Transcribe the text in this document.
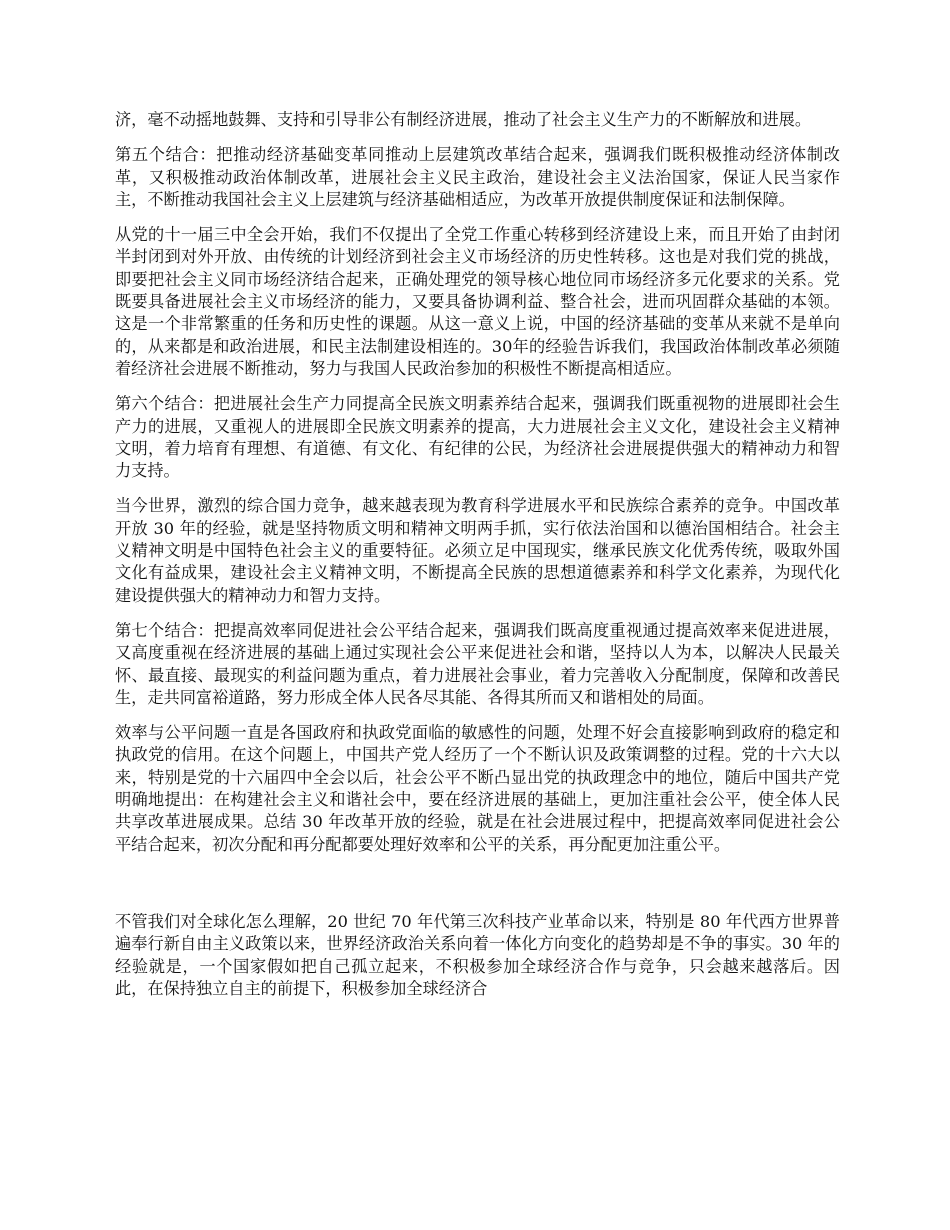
济，毫不动摇地鼓舞、支持和引导非公有制经济进展，推动了社会主义生产力的不断解放和进展。

第五个结合：把推动经济基础变革同推动上层建筑改革结合起来，强调我们既积极推动经济体制改革，又积极推动政治体制改革，进展社会主义民主政治，建设社会主义法治国家，保证人民当家作主，不断推动我国社会主义上层建筑与经济基础相适应，为改革开放提供制度保证和法制保障。

从党的十一届三中全会开始，我们不仅提出了全党工作重心转移到经济建设上来，而且开始了由封闭半封闭到对外开放、由传统的计划经济到社会主义市场经济的历史性转移。这也是对我们党的挑战，即要把社会主义同市场经济结合起来，正确处理党的领导核心地位同市场经济多元化要求的关系。党既要具备进展社会主义市场经济的能力，又要具备协调利益、整合社会，进而巩固群众基础的本领。这是一个非常繁重的任务和历史性的课题。从这一意义上说，中国的经济基础的变革从来就不是单向的，从来都是和政治进展，和民主法制建设相连的。30年的经验告诉我们，我国政治体制改革必须随着经济社会进展不断推动，努力与我国人民政治参加的积极性不断提高相适应。

第六个结合：把进展社会生产力同提高全民族文明素养结合起来，强调我们既重视物的进展即社会生产力的进展，又重视人的进展即全民族文明素养的提高，大力进展社会主义文化，建设社会主义精神文明，着力培育有理想、有道德、有文化、有纪律的公民，为经济社会进展提供强大的精神动力和智力支持。

当今世界，激烈的综合国力竞争，越来越表现为教育科学进展水平和民族综合素养的竞争。中国改革开放 30 年的经验，就是坚持物质文明和精神文明两手抓，实行依法治国和以德治国相结合。社会主义精神文明是中国特色社会主义的重要特征。必须立足中国现实，继承民族文化优秀传统，吸取外国文化有益成果，建设社会主义精神文明，不断提高全民族的思想道德素养和科学文化素养，为现代化建设提供强大的精神动力和智力支持。

第七个结合：把提高效率同促进社会公平结合起来，强调我们既高度重视通过提高效率来促进进展，又高度重视在经济进展的基础上通过实现社会公平来促进社会和谐，坚持以人为本，以解决人民最关怀、最直接、最现实的利益问题为重点，着力进展社会事业，着力完善收入分配制度，保障和改善民生，走共同富裕道路，努力形成全体人民各尽其能、各得其所而又和谐相处的局面。

效率与公平问题一直是各国政府和执政党面临的敏感性的问题，处理不好会直接影响到政府的稳定和执政党的信用。在这个问题上，中国共产党人经历了一个不断认识及政策调整的过程。党的十六大以来，特别是党的十六届四中全会以后，社会公平不断凸显出党的执政理念中的地位，随后中国共产党明确地提出：在构建社会主义和谐社会中，要在经济进展的基础上，更加注重社会公平，使全体人民共享改革进展成果。总结 30 年改革开放的经验，就是在社会进展过程中，把提高效率同促进社会公平结合起来，初次分配和再分配都要处理好效率和公平的关系，再分配更加注重公平。

不管我们对全球化怎么理解，20 世纪 70 年代第三次科技产业革命以来，特别是 80 年代西方世界普遍奉行新自由主义政策以来，世界经济政治关系向着一体化方向变化的趋势却是不争的事实。30 年的经验就是，一个国家假如把自己孤立起来，不积极参加全球经济合作与竞争，只会越来越落后。因此，在保持独立自主的前提下，积极参加全球经济合
